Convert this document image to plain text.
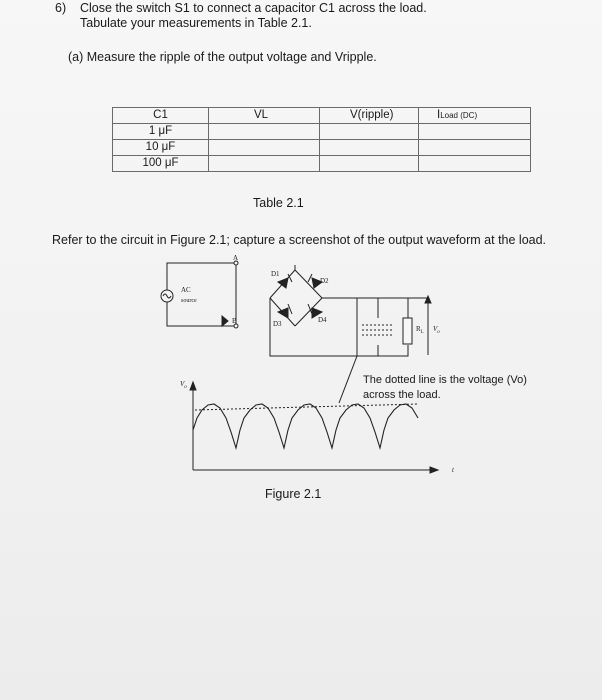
6) Close the switch S1 to connect a capacitor C1 across the load.
Tabulate your measurements in Table 2.1.
(a) Measure the ripple of the output voltage and Vripple.
C1	VL	V(ripple)	ILoad (DC)
1 μF			
10 μF			
100 μF			
Table 2.1
Refer to the circuit in Figure 2.1; capture a screenshot of the output waveform at the load.
A
B
AC
source
D1
D2
D3	D4
$R_L$ $V_o$
$V_o$
t
The dotted line is the voltage (Vo)
across the load.
Figure 2.1
